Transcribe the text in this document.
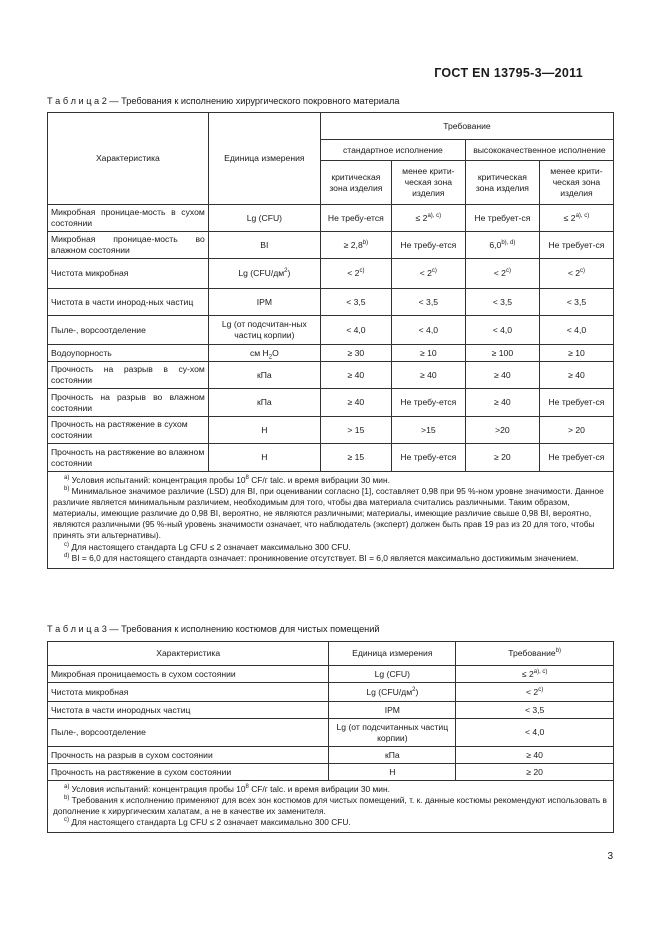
ГОСТ EN 13795-3—2011
Т а б л и ц а 2 — Требования к исполнению хирургического покровного материала
Характеристика	Единица измерения	Требование			
		стандартное исполнение		высококачественное исполнение	
		критическая зона изделия	менее крити-ческая зона изделия	критическая зона изделия	менее крити-ческая зона изделия
Микробная проницае-мость в сухом состоянии	Lg (CFU)	Не требу-ется	≤ $2^{a), c)}$	Не требует-ся	≤ $2^{a), c)}$
Микробная проницае-мость во влажном состоянии	BI	≥ $2,8^{b)}$	Не требу-ется	$6,0^{b), d)}$	Не требует-ся
Чистота микробная	Lg $(CFU/дм^2)$	< $2^{c)}$	< $2^{c)}$	< $2^{c)}$	< $2^{c)}$
Чистота в части инород-ных частиц	IPM	< 3,5	< 3,5	< 3,5	< 3,5
Пыле-, ворсоотделение	Lg (от подсчитан-ных частиц корпии)	< 4,0	< 4,0	< 4,0	< 4,0
Водоупорность	см $H_2O$	≥ 30	≥ 10	≥ 100	≥ 10
Прочность на разрыв в су-хом состоянии	кПа	≥ 40	≥ 40	≥ 40	≥ 40
Прочность на разрыв во влажном состоянии	кПа	≥ 40	Не требу-ется	≥ 40	Не требует-ся
Прочность на растяжение в сухом состоянии	Н	> 15	>15	>20	> 20
Прочность на растяжение во влажном состоянии	Н	≥ 15	Не требу-ется	≥ 20	Не требует-ся

$^{a)}$ Условия испытаний: концентрация пробы $10^8$ CF/г talc. и время вибрации 30 мин.

$^{b)}$ Минимальное значимое различие (LSD) для BI, при оценивании согласно [1], составляет 0,98 при 95 %-ном уровне значимости. Данное различие является минимальным различием, необходимым для того, чтобы два материала считались различными. Таким образом, материалы, имеющие различие до 0,98 BI, вероятно, не являются различными; материалы, имеющие различие свыше 0,98 BI, вероятно, являются различными (95 %-ный уровень значимости означает, что наблюдатель (эксперт) должен быть прав 19 раз из 20 для того, чтобы принять эти альтернативы).

$^{c)}$ Для настоящего стандарта Lg CFU ≤ 2 означает максимально 300 CFU.

$^{d)}$ BI = 6,0 для настоящего стандарта означает: проникновение отсутствует. BI = 6,0 является максимально достижимым значением.					

Т а б л и ц а 3 — Требования к исполнению костюмов для чистых помещений
Характеристика	Единица измерения	Требование$^{b)}$
Микробная проницаемость в сухом состоянии	Lg (CFU)	≤ $2^{a), c)}$
Чистота микробная	Lg $(CFU/дм^2)$	< $2^{c)}$
Чистота в части инородных частиц	IPM	< 3,5
Пыле-, ворсоотделение	Lg (от подсчитанных частиц корпии)	< 4,0
Прочность на разрыв в сухом состоянии	кПа	≥ 40
Прочность на растяжение в сухом состоянии	Н	≥ 20

$^{a)}$ Условия испытаний: концентрация пробы $10^8$ CF/г talc. и время вибрации 30 мин.

$^{b)}$ Требования к исполнению применяют для всех зон костюмов для чистых помещений, т. к. данные костюмы рекомендуют использовать в дополнение к хирургическим халатам, а не в качестве их заменителя.

$^{c)}$ Для настоящего стандарта Lg CFU ≤ 2 означает максимально 300 CFU.		

3
